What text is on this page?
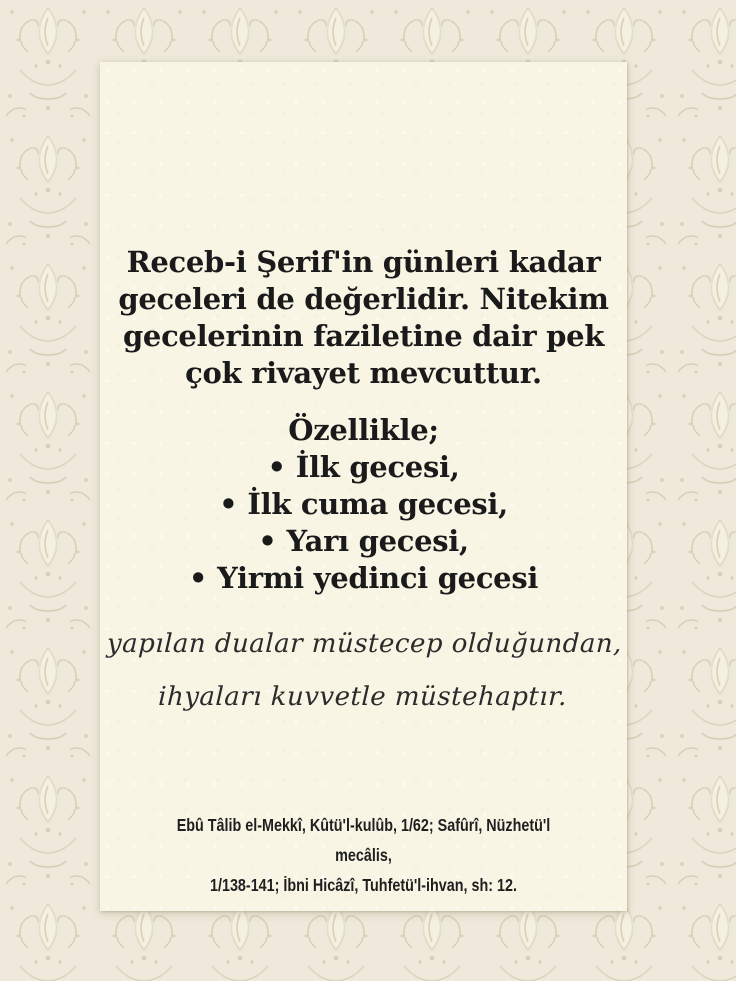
Receb-i Şerif'in günleri kadar
geceleri de değerlidir. Nitekim
gecelerinin faziletine dair pek
çok rivayet mevcuttur.
Özellikle;
• İlk gecesi,
• İlk cuma gecesi,
• Yarı gecesi,
• Yirmi yedinci gecesi
yapılan dualar müstecep olduğundan,
ihyaları kuvvetle müstehaptır.
Ebû Tâlib el-Mekkî, Kûtü'l-kulûb, 1/62; Safûrî, Nüzhetü'l mecâlis,
1/138-141; İbni Hicâzî, Tuhfetü'l-ihvan, sh: 12.
